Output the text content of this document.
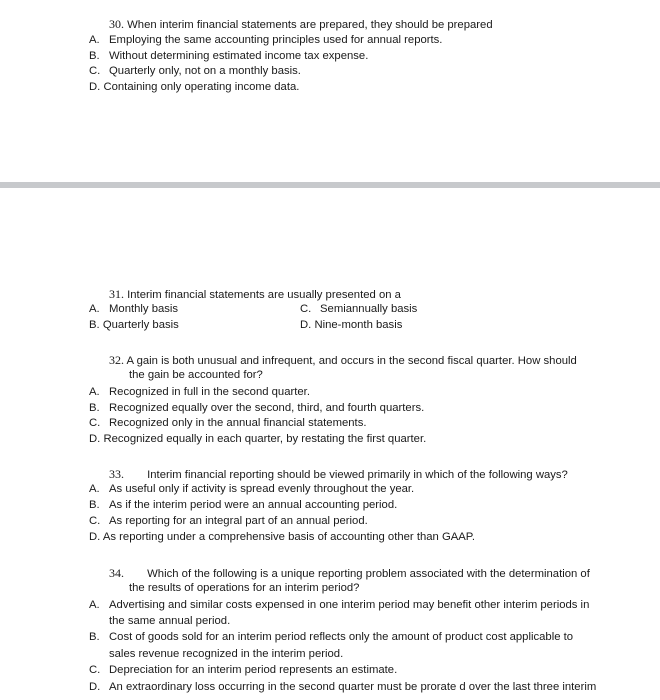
30. When interim financial statements are prepared, they should be prepared
A. Employing the same accounting principles used for annual reports.
B. Without determining estimated income tax expense.
C. Quarterly only, not on a monthly basis.
D. Containing only operating income data.
31. Interim financial statements are usually presented on a
A. Monthly basis
B. Quarterly basis
C. Semiannually basis
D. Nine-month basis
32. A gain is both unusual and infrequent, and occurs in the second fiscal quarter. How should
the gain be accounted for?
A. Recognized in full in the second quarter.
B. Recognized equally over the second, third, and fourth quarters.
C. Recognized only in the annual financial statements.
D. Recognized equally in each quarter, by restating the first quarter.
33. Interim financial reporting should be viewed primarily in which of the following ways?
A. As useful only if activity is spread evenly throughout the year.
B. As if the interim period were an annual accounting period.
C. As reporting for an integral part of an annual period.
D. As reporting under a comprehensive basis of accounting other than GAAP.
34. Which of the following is a unique reporting problem associated with the determination of
the results of operations for an interim period?
A. Advertising and similar costs expensed in one interim period may benefit other interim periods in
the same annual period.
B. Cost of goods sold for an interim period reflects only the amount of product cost applicable to
sales revenue recognized in the interim period.
C. Depreciation for an interim period represents an estimate.
D. An extraordinary loss occurring in the second quarter must be prorate d over the last three interim
